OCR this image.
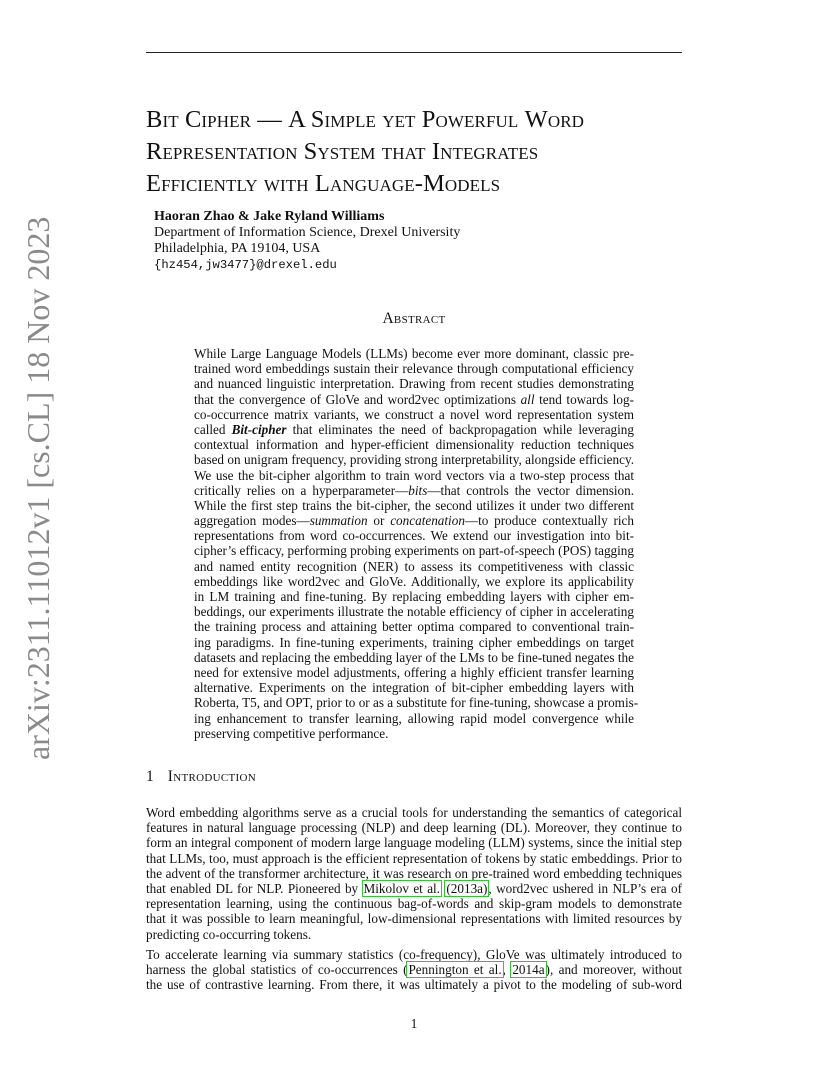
Bit Cipher — A Simple yet Powerful Word
Representation System that Integrates
Efficiently with Language-Models
Haoran Zhao & Jake Ryland Williams
Department of Information Science, Drexel University
Philadelphia, PA 19104, USA
{hz454,jw3477}@drexel.edu
Abstract
While Large Language Models (LLMs) become ever more dominant, classic pre-
trained word embeddings sustain their relevance through computational efficiency
and nuanced linguistic interpretation. Drawing from recent studies demonstrating
that the convergence of GloVe and word2vec optimizations all tend towards log-
co-occurrence matrix variants, we construct a novel word representation system
called Bit-cipher that eliminates the need of backpropagation while leveraging
contextual information and hyper-efficient dimensionality reduction techniques
based on unigram frequency, providing strong interpretability, alongside efficiency.
We use the bit-cipher algorithm to train word vectors via a two-step process that
critically relies on a hyperparameter—bits—that controls the vector dimension.
While the first step trains the bit-cipher, the second utilizes it under two different
aggregation modes—summation or concatenation—to produce contextually rich
representations from word co-occurrences. We extend our investigation into bit-
cipher’s efficacy, performing probing experiments on part-of-speech (POS) tagging
and named entity recognition (NER) to assess its competitiveness with classic
embeddings like word2vec and GloVe. Additionally, we explore its applicability
in LM training and fine-tuning. By replacing embedding layers with cipher em-
beddings, our experiments illustrate the notable efficiency of cipher in accelerating
the training process and attaining better optima compared to conventional train-
ing paradigms. In fine-tuning experiments, training cipher embeddings on target
datasets and replacing the embedding layer of the LMs to be fine-tuned negates the
need for extensive model adjustments, offering a highly efficient transfer learning
alternative. Experiments on the integration of bit-cipher embedding layers with
Roberta, T5, and OPT, prior to or as a substitute for fine-tuning, showcase a promis-
ing enhancement to transfer learning, allowing rapid model convergence while
preserving competitive performance.
arXiv:2311.11012v1 [cs.CL] 18 Nov 2023
1 Introduction
Word embedding algorithms serve as a crucial tools for understanding the semantics of categorical
features in natural language processing (NLP) and deep learning (DL). Moreover, they continue to
form an integral component of modern large language modeling (LLM) systems, since the initial step
that LLMs, too, must approach is the efficient representation of tokens by static embeddings. Prior to
the advent of the transformer architecture, it was research on pre-trained word embedding techniques
that enabled DL for NLP. Pioneered by Mikolov et al. (2013a), word2vec ushered in NLP’s era of
representation learning, using the continuous bag-of-words and skip-gram models to demonstrate
that it was possible to learn meaningful, low-dimensional representations with limited resources by
predicting co-occurring tokens.
To accelerate learning via summary statistics (co-frequency), GloVe was ultimately introduced to
harness the global statistics of co-occurrences (Pennington et al., 2014a), and moreover, without
the use of contrastive learning. From there, it was ultimately a pivot to the modeling of sub-word
1
